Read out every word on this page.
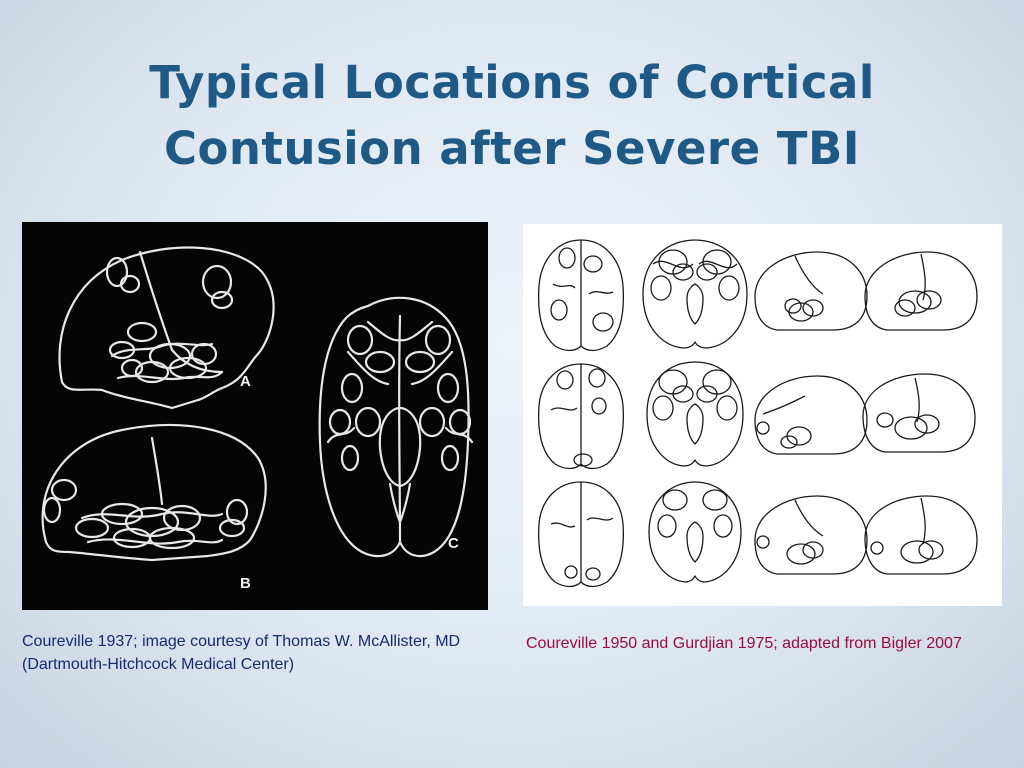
Typical Locations of Cortical Contusion after Severe TBI
A
B
C

Coureville 1937; image courtesy of Thomas W. McAllister, MD (Dartmouth-Hitchcock Medical Center)

Coureville 1950 and Gurdjian 1975; adapted from Bigler 2007
